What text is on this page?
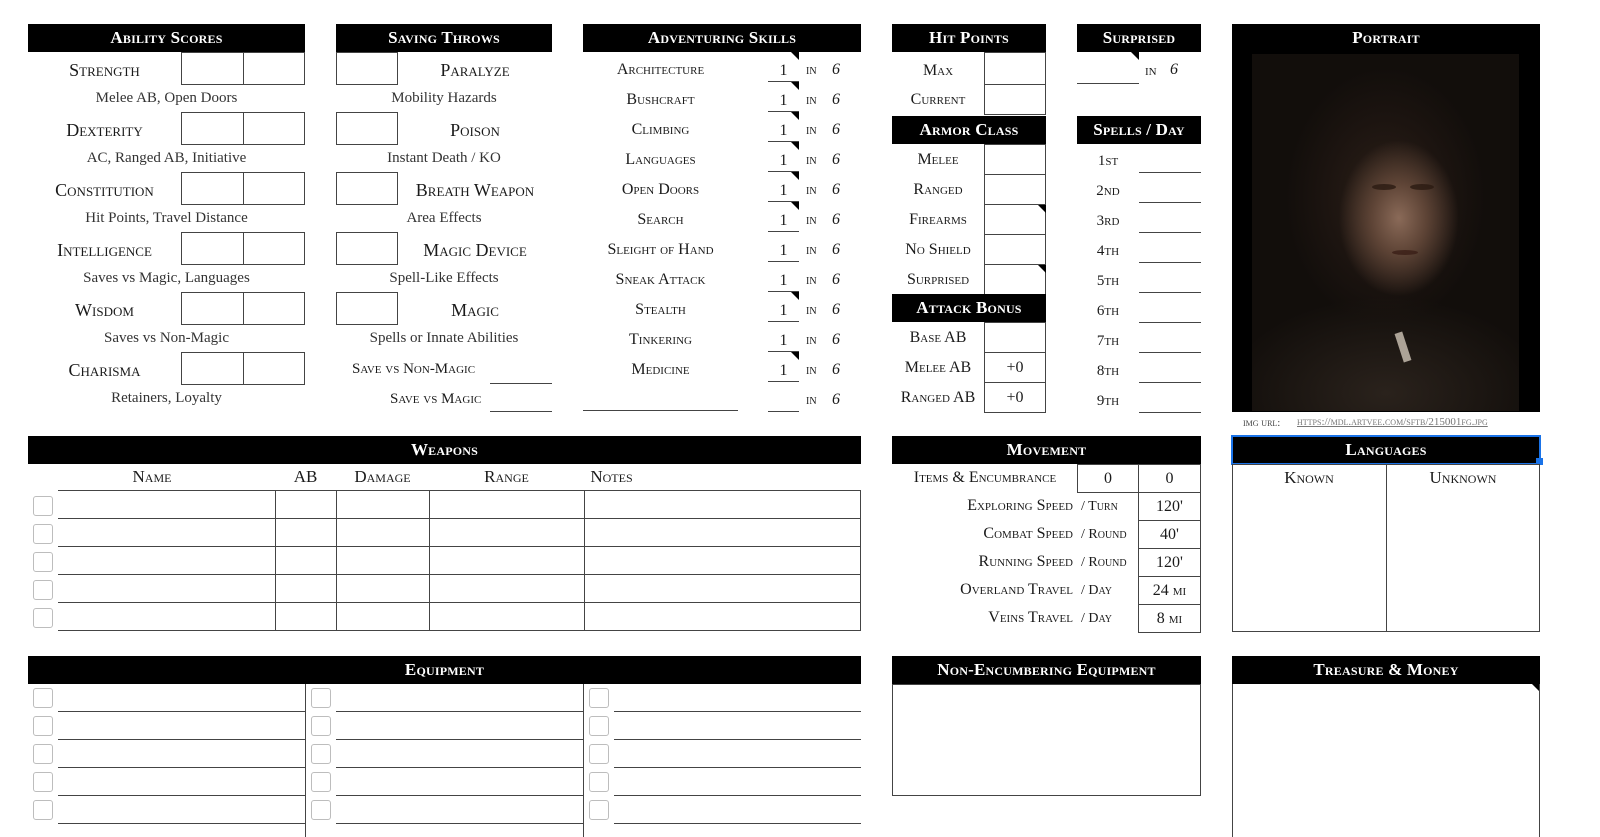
Ability Scores
Strength
Melee AB, Open Doors
Dexterity
AC, Ranged AB, Initiative
Constitution
Hit Points, Travel Distance
Intelligence
Saves vs Magic, Languages
Wisdom
Saves vs Non-Magic
Charisma
Retainers, Loyalty
Saving Throws
Paralyze
Mobility Hazards
Poison
Instant Death / KO
Breath Weapon
Area Effects
Magic Device
Spell-Like Effects
Magic
Spells or Innate Abilities
Save vs Non-Magic
Save vs Magic
Adventuring Skills
Architecture	1	in 6
Bushcraft	1	in 6
Climbing	1	in 6
Languages	1	in 6
Open Doors	1	in 6
Search	1	in 6
Sleight of Hand	1	in 6
Sneak Attack	1	in 6
Stealth	1	in 6
Tinkering	1	in 6
Medicine	1	in 6
in 6
Hit Points
Max
Current
Surprised
in 6
Armor Class
Melee
Ranged
Firearms
No Shield
Surprised
Spells / Day
1st
2nd
3rd
4th
5th
6th
7th
8th
9th
Attack Bonus
Base AB
Melee AB	+0
Ranged AB	+0
Portrait
img url: https://mdl.artvee.com/sftb/215001fg.jpg
Weapons
Name	AB	Damage	Range	Notes
Movement
Items & Encumbrance	0	0
Exploring Speed / Turn	120'
Combat Speed / Round	40'
Running Speed / Round	120'
Overland Travel / Day	24 mi
Veins Travel / Day	8 mi
Languages
Known	Unknown
Equipment	Non-Encumbering Equipment	Treasure & Money
